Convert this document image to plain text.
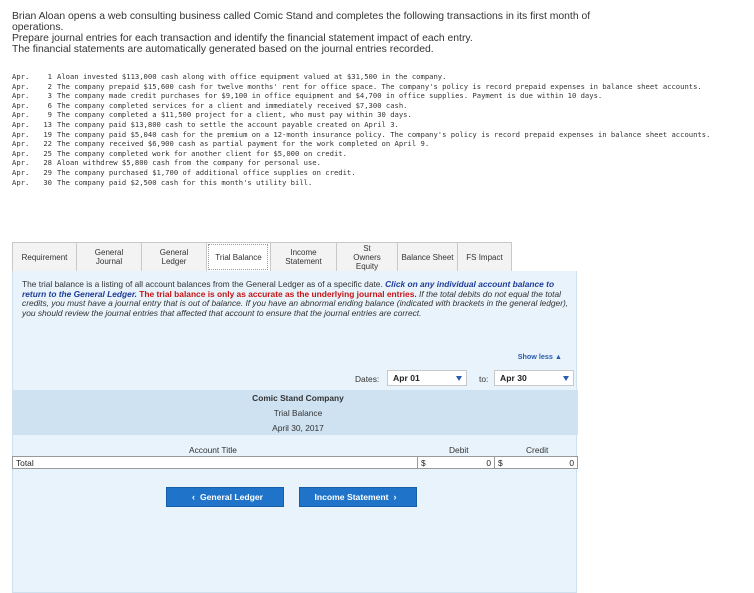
Brian Aloan opens a web consulting business called Comic Stand and completes the following transactions in its first month of operations.
Prepare journal entries for each transaction and identify the financial statement impact of each entry.
The financial statements are automatically generated based on the journal entries recorded.
Apr.	1 Aloan invested $113,000 cash along with office equipment valued at $31,500 in the company.
Apr.	2 The company prepaid $15,600 cash for twelve months' rent for office space. The company's policy is record prepaid expenses in balance sheet accounts.
Apr.	3 The company made credit purchases for $9,100 in office equipment and $4,700 in office supplies. Payment is due within 10 days.
Apr.	6 The company completed services for a client and immediately received $7,300 cash.
Apr.	9 The company completed a $11,500 project for a client, who must pay within 30 days.
Apr.	13 The company paid $13,800 cash to settle the account payable created on April 3.
Apr.	19 The company paid $5,040 cash for the premium on a 12-month insurance policy. The company's policy is record prepaid expenses in balance sheet accounts.
Apr.	22 The company received $6,900 cash as partial payment for the work completed on April 9.
Apr.	25 The company completed work for another client for $5,000 on credit.
Apr.	28 Aloan withdrew $5,800 cash from the company for personal use.
Apr.	29 The company purchased $1,700 of additional office supplies on credit.
Apr.	30 The company paid $2,500 cash for this month's utility bill.
Requirement	General Journal
General Ledger	Trial Balance	Income Statement
St Owners Equity
Balance Sheet	FS Impact
The trial balance is a listing of all account balances from the General Ledger as of a specific date. Click on any individual account balance to return to the General Ledger. The trial balance is only as accurate as the underlying journal entries. If the total debits do not equal the total credits, you must have a journal entry that is out of balance. If you have an abnormal ending balance (indicated with brackets in the general ledger), you should review the journal entries that affected that account to ensure that the journal entries are correct.
Show less ▲
Dates:	Apr 01	to:	Apr 30
Comic Stand Company
Trial Balance
April 30, 2017
Account Title	Debit	Credit
Total	$	0 $	0
‹ General Ledger	Income Statement ›
